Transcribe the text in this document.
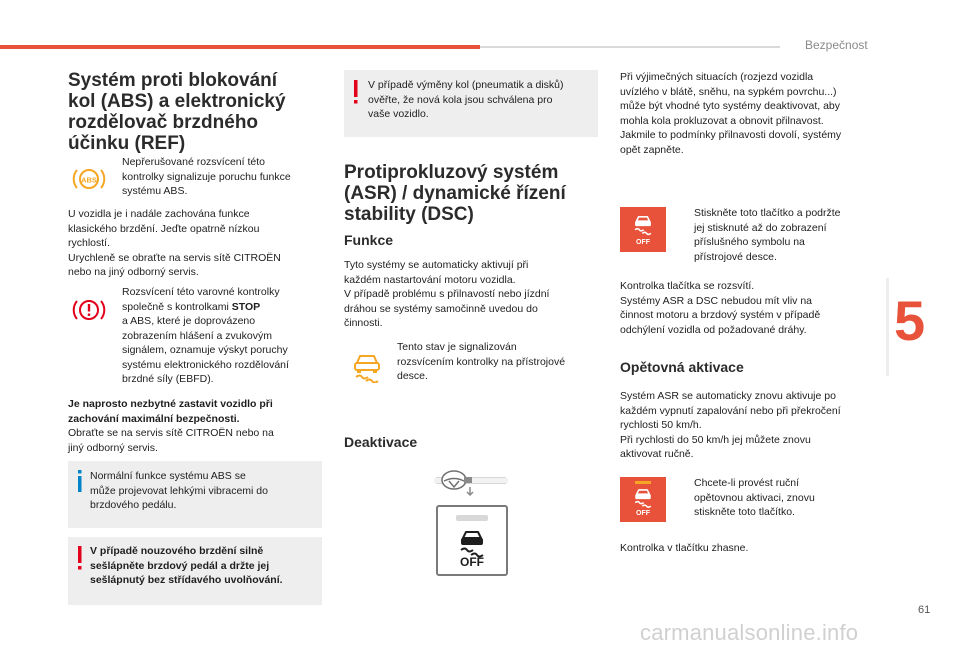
Bezpečnost
5
61
carmanualsonline.info
Systém proti blokování
kol (ABS) a elektronický
rozdělovač brzdného
účinku (REF)
ABS

Nepřerušované rozsvícení této

kontrolky signalizuje poruchu funkce

systému ABS.

U vozidla je i nadále zachována funkce

klasického brzdění. Jeďte opatrně nízkou

rychlostí.

Urychleně se obraťte na servis sítě CITROËN

nebo na jiný odborný servis.

Rozsvícení této varovné kontrolky

společně s kontrolkami STOP

a ABS, které je doprovázeno

zobrazením hlášení a zvukovým

signálem, oznamuje výskyt poruchy

systému elektronického rozdělování

brzdné síly (EBFD).

Je naprosto nezbytné zastavit vozidlo při

zachování maximální bezpečnosti.

Obraťte se na servis sítě CITROËN nebo na

jiný odborný servis.

Normální funkce systému ABS se

může projevovat lehkými vibracemi do

brzdového pedálu.

V případě nouzového brzdění silně

sešlápněte brzdový pedál a držte jej

sešlápnutý bez střídavého uvolňování.

V případě výměny kol (pneumatik a disků)

ověřte, že nová kola jsou schválena pro

vaše vozidlo.

Protiprokluzový systém
(ASR) / dynamické řízení
stability (DSC)
Funkce

Tyto systémy se automaticky aktivují při

každém nastartování motoru vozidla.

V případě problému s přilnavostí nebo jízdní

dráhou se systémy samočinně uvedou do

činnosti.

Tento stav je signalizován

rozsvícením kontrolky na přístrojové

desce.

Deaktivace
OFF

Při výjimečných situacích (rozjezd vozidla

uvízlého v blátě, sněhu, na sypkém povrchu...)

může být vhodné tyto systémy deaktivovat, aby

mohla kola prokluzovat a obnovit přilnavost.

Jakmile to podmínky přilnavosti dovolí, systémy

opět zapněte.

OFF

Stiskněte toto tlačítko a podržte

jej stisknuté až do zobrazení

příslušného symbolu na

přístrojové desce.

Kontrolka tlačítka se rozsvítí.

Systémy ASR a DSC nebudou mít vliv na

činnost motoru a brzdový systém v případě

odchýlení vozidla od požadované dráhy.

Opětovná aktivace

Systém ASR se automaticky znovu aktivuje po

každém vypnutí zapalování nebo při překročení

rychlosti 50 km/h.

Při rychlosti do 50 km/h jej můžete znovu

aktivovat ručně.

OFF

Chcete-li provést ruční

opětovnou aktivaci, znovu

stiskněte toto tlačítko.

Kontrolka v tlačítku zhasne.
